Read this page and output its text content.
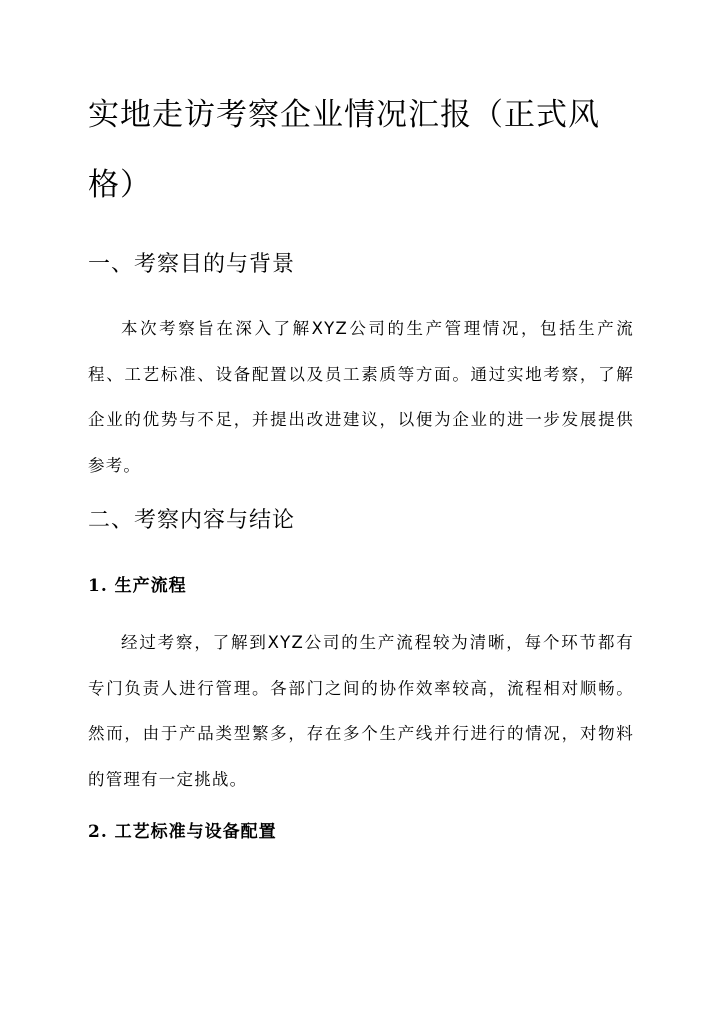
实地走访考察企业情况汇报（正式风格）
一、考察目的与背景

本次考察旨在深入了解XYZ公司的生产管理情况，包括生产流程、工艺标准、设备配置以及员工素质等方面。通过实地考察，了解企业的优势与不足，并提出改进建议，以便为企业的进一步发展提供参考。

二、考察内容与结论
1. 生产流程

经过考察，了解到XYZ公司的生产流程较为清晰，每个环节都有专门负责人进行管理。各部门之间的协作效率较高，流程相对顺畅。然而，由于产品类型繁多，存在多个生产线并行进行的情况，对物料的管理有一定挑战。

2. 工艺标准与设备配置
